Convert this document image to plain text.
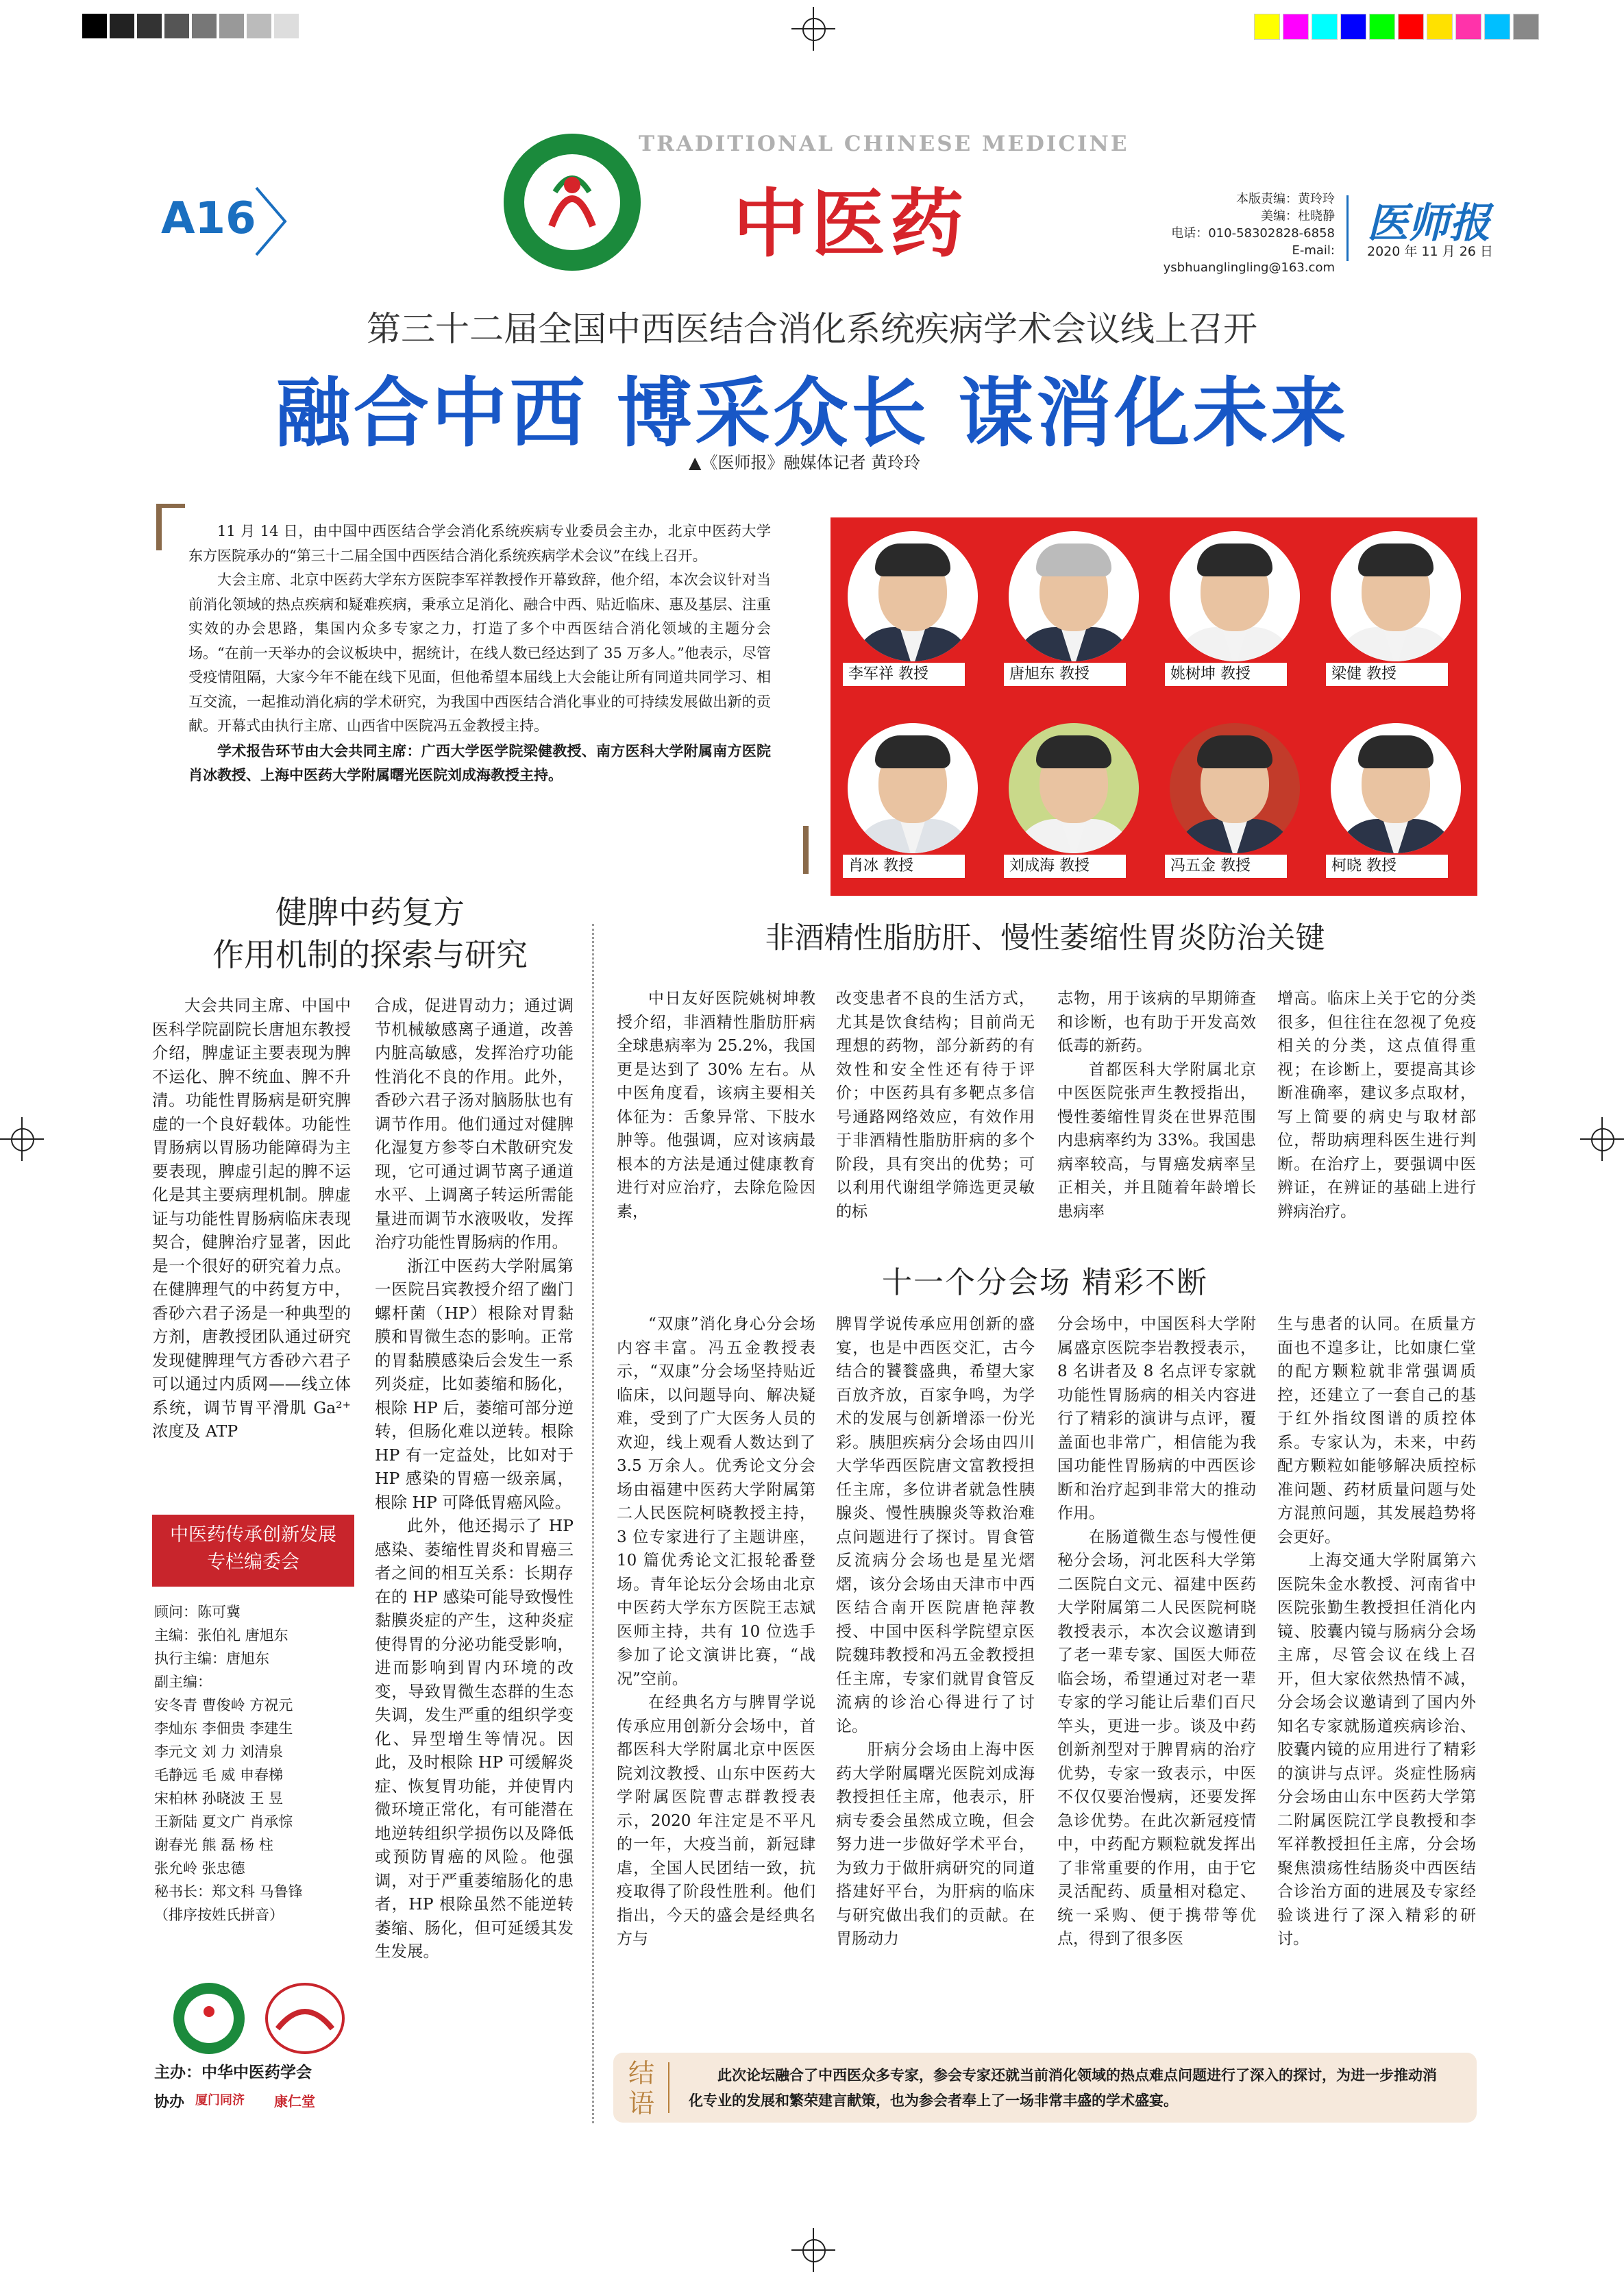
A16
TRADITIONAL CHINESE MEDICINE
中医药	本版责编：黄玲玲
美编：杜晓静
电话：010-58302828-6858
E-mail: ysbhuanglingling@163.com
医师报
2020 年 11 月 26 日
第三十二届全国中西医结合消化系统疾病学术会议线上召开
融合中西 博采众长 谋消化未来
▲《医师报》融媒体记者 黄玲玲

11 月 14 日，由中国中西医结合学会消化系统疾病专业委员会主办，北京中医药大学东方医院承办的“第三十二届全国中西医结合消化系统疾病学术会议”在线上召开。

大会主席、北京中医药大学东方医院李军祥教授作开幕致辞，他介绍，本次会议针对当前消化领域的热点疾病和疑难疾病，秉承立足消化、融合中西、贴近临床、惠及基层、注重实效的办会思路，集国内众多专家之力，打造了多个中西医结合消化领域的主题分会场。“在前一天举办的会议板块中，据统计，在线人数已经达到了 35 万多人。”他表示，尽管受疫情阻隔，大家今年不能在线下见面，但他希望本届线上大会能让所有同道共同学习、相互交流，一起推动消化病的学术研究，为我国中西医结合消化事业的可持续发展做出新的贡献。开幕式由执行主席、山西省中医院冯五金教授主持。

学术报告环节由大会共同主席：广西大学医学院梁健教授、南方医科大学附属南方医院肖冰教授、上海中医药大学附属曙光医院刘成海教授主持。

李军祥 教授	唐旭东 教授	姚树坤 教授	梁健 教授
肖冰 教授	刘成海 教授	冯五金 教授	柯晓 教授
健脾中药复方
作用机制的探索与研究

大会共同主席、中国中医科学院副院长唐旭东教授介绍，脾虚证主要表现为脾不运化、脾不统血、脾不升清。功能性胃肠病是研究脾虚的一个良好载体。功能性胃肠病以胃肠功能障碍为主要表现，脾虚引起的脾不运化是其主要病理机制。脾虚证与功能性胃肠病临床表现契合，健脾治疗显著，因此是一个很好的研究着力点。在健脾理气的中药复方中，香砂六君子汤是一种典型的方剂，唐教授团队通过研究发现健脾理气方香砂六君子可以通过内质网——线立体系统，调节胃平滑肌 Ga²⁺ 浓度及 ATP

合成，促进胃动力；通过调节机械敏感离子通道，改善内脏高敏感，发挥治疗功能性消化不良的作用。此外，香砂六君子汤对脑肠肽也有调节作用。他们通过对健脾化湿复方参苓白术散研究发现，它可通过调节离子通道水平、上调离子转运所需能量进而调节水液吸收，发挥治疗功能性胃肠病的作用。

浙江中医药大学附属第一医院吕宾教授介绍了幽门螺杆菌（HP）根除对胃黏膜和胃微生态的影响。正常的胃黏膜感染后会发生一系列炎症，比如萎缩和肠化，根除 HP 后，萎缩可部分逆转，但肠化难以逆转。根除 HP 有一定益处，比如对于 HP 感染的胃癌一级亲属，根除 HP 可降低胃癌风险。

此外，他还揭示了 HP 感染、萎缩性胃炎和胃癌三者之间的相互关系：长期存在的 HP 感染可能导致慢性黏膜炎症的产生，这种炎症使得胃的分泌功能受影响，进而影响到胃内环境的改变，导致胃微生态群的生态失调，发生严重的组织学变化、异型增生等情况。因此，及时根除 HP 可缓解炎症、恢复胃功能，并使胃内微环境正常化，有可能潜在地逆转组织学损伤以及降低或预防胃癌的风险。他强调，对于严重萎缩肠化的患者，HP 根除虽然不能逆转萎缩、肠化，但可延缓其发生发展。

中医药传承创新发展
专栏编委会

顾问：陈可冀

主编：张伯礼 唐旭东

执行主编：唐旭东

副主编：

安冬青 曹俊岭 方祝元

李灿东 李佃贵 李建生

李元文 刘 力 刘清泉

毛静远 毛 威 申春梯

宋柏林 孙晓波 王 昱

王新陆 夏文广 肖承悰

谢春光 熊 磊 杨 柱

张允岭 张忠德

秘书长：郑文科 马鲁锋

（排序按姓氏拼音）

主办：中华中医药学会
协办 厦门同济 康仁堂
非酒精性脂肪肝、慢性萎缩性胃炎防治关键

中日友好医院姚树坤教授介绍，非酒精性脂肪肝病全球患病率为 25.2%，我国更是达到了 30% 左右。从中医角度看，该病主要相关体征为：舌象异常、下肢水肿等。他强调，应对该病最根本的方法是通过健康教育进行对应治疗，去除危险因素，

改变患者不良的生活方式，尤其是饮食结构；目前尚无理想的药物，部分新药的有效性和安全性还有待于评价；中医药具有多靶点多信号通路网络效应，有效作用于非酒精性脂肪肝病的多个阶段，具有突出的优势；可以利用代谢组学筛选更灵敏的标

志物，用于该病的早期筛查和诊断，也有助于开发高效低毒的新药。

首都医科大学附属北京中医医院张声生教授指出，慢性萎缩性胃炎在世界范围内患病率约为 33%。我国患病率较高，与胃癌发病率呈正相关，并且随着年龄增长患病率

增高。临床上关于它的分类很多，但往往在忽视了免疫相关的分类，这点值得重视；在诊断上，要提高其诊断准确率，建议多点取材，写上简要的病史与取材部位，帮助病理科医生进行判断。在治疗上，要强调中医辨证，在辨证的基础上进行辨病治疗。

十一个分会场 精彩不断

“双康”消化身心分会场内容丰富。冯五金教授表示，“双康”分会场坚持贴近临床，以问题导向、解决疑难，受到了广大医务人员的欢迎，线上观看人数达到了 3.5 万余人。优秀论文分会场由福建中医药大学附属第二人民医院柯晓教授主持，3 位专家进行了主题讲座，10 篇优秀论文汇报轮番登场。青年论坛分会场由北京中医药大学东方医院王志斌医师主持，共有 10 位选手参加了论文演讲比赛，“战况”空前。

在经典名方与脾胃学说传承应用创新分会场中，首都医科大学附属北京中医医院刘汶教授、山东中医药大学附属医院曹志群教授表示，2020 年注定是不平凡的一年，大疫当前，新冠肆虐，全国人民团结一致，抗疫取得了阶段性胜利。他们指出，今天的盛会是经典名方与

脾胃学说传承应用创新的盛宴，也是中西医交汇，古今结合的饕餮盛典，希望大家百放齐放，百家争鸣，为学术的发展与创新增添一份光彩。胰胆疾病分会场由四川大学华西医院唐文富教授担任主席，多位讲者就急性胰腺炎、慢性胰腺炎等救治难点问题进行了探讨。胃食管反流病分会场也是星光熠熠，该分会场由天津市中西医结合南开医院唐艳萍教授、中国中医科学院望京医院魏玮教授和冯五金教授担任主席，专家们就胃食管反流病的诊治心得进行了讨论。

肝病分会场由上海中医药大学附属曙光医院刘成海教授担任主席，他表示，肝病专委会虽然成立晚，但会努力进一步做好学术平台，为致力于做肝病研究的同道搭建好平台，为肝病的临床与研究做出我们的贡献。在胃肠动力

分会场中，中国医科大学附属盛京医院李岩教授表示，8 名讲者及 8 名点评专家就功能性胃肠病的相关内容进行了精彩的演讲与点评，覆盖面也非常广，相信能为我国功能性胃肠病的中西医诊断和治疗起到非常大的推动作用。

在肠道微生态与慢性便秘分会场，河北医科大学第二医院白文元、福建中医药大学附属第二人民医院柯晓教授表示，本次会议邀请到了老一辈专家、国医大师莅临会场，希望通过对老一辈专家的学习能让后辈们百尺竿头，更进一步。谈及中药创新剂型对于脾胃病的治疗优势，专家一致表示，中医不仅仅要治慢病，还要发挥急诊优势。在此次新冠疫情中，中药配方颗粒就发挥出了非常重要的作用，由于它灵活配药、质量相对稳定、统一采购、便于携带等优点，得到了很多医

生与患者的认同。在质量方面也不遑多让，比如康仁堂的配方颗粒就非常强调质控，还建立了一套自己的基于红外指纹图谱的质控体系。专家认为，未来，中药配方颗粒如能够解决质控标准问题、药材质量问题与处方混煎问题，其发展趋势将会更好。

上海交通大学附属第六医院朱金水教授、河南省中医院张勤生教授担任消化内镜、胶囊内镜与肠病分会场主席，尽管会议在线上召开，但大家依然热情不减，分会场会议邀请到了国内外知名专家就肠道疾病诊治、胶囊内镜的应用进行了精彩的演讲与点评。炎症性肠病分会场由山东中医药大学第二附属医院江学良教授和李军祥教授担任主席，分会场聚焦溃疡性结肠炎中西医结合诊治方面的进展及专家经验谈进行了深入精彩的研讨。

结语
此次论坛融合了中西医众多专家，参会专家还就当前消化领域的热点难点问题进行了深入的探讨，为进一步推动消化专业的发展和繁荣建言献策，也为参会者奉上了一场非常丰盛的学术盛宴。
